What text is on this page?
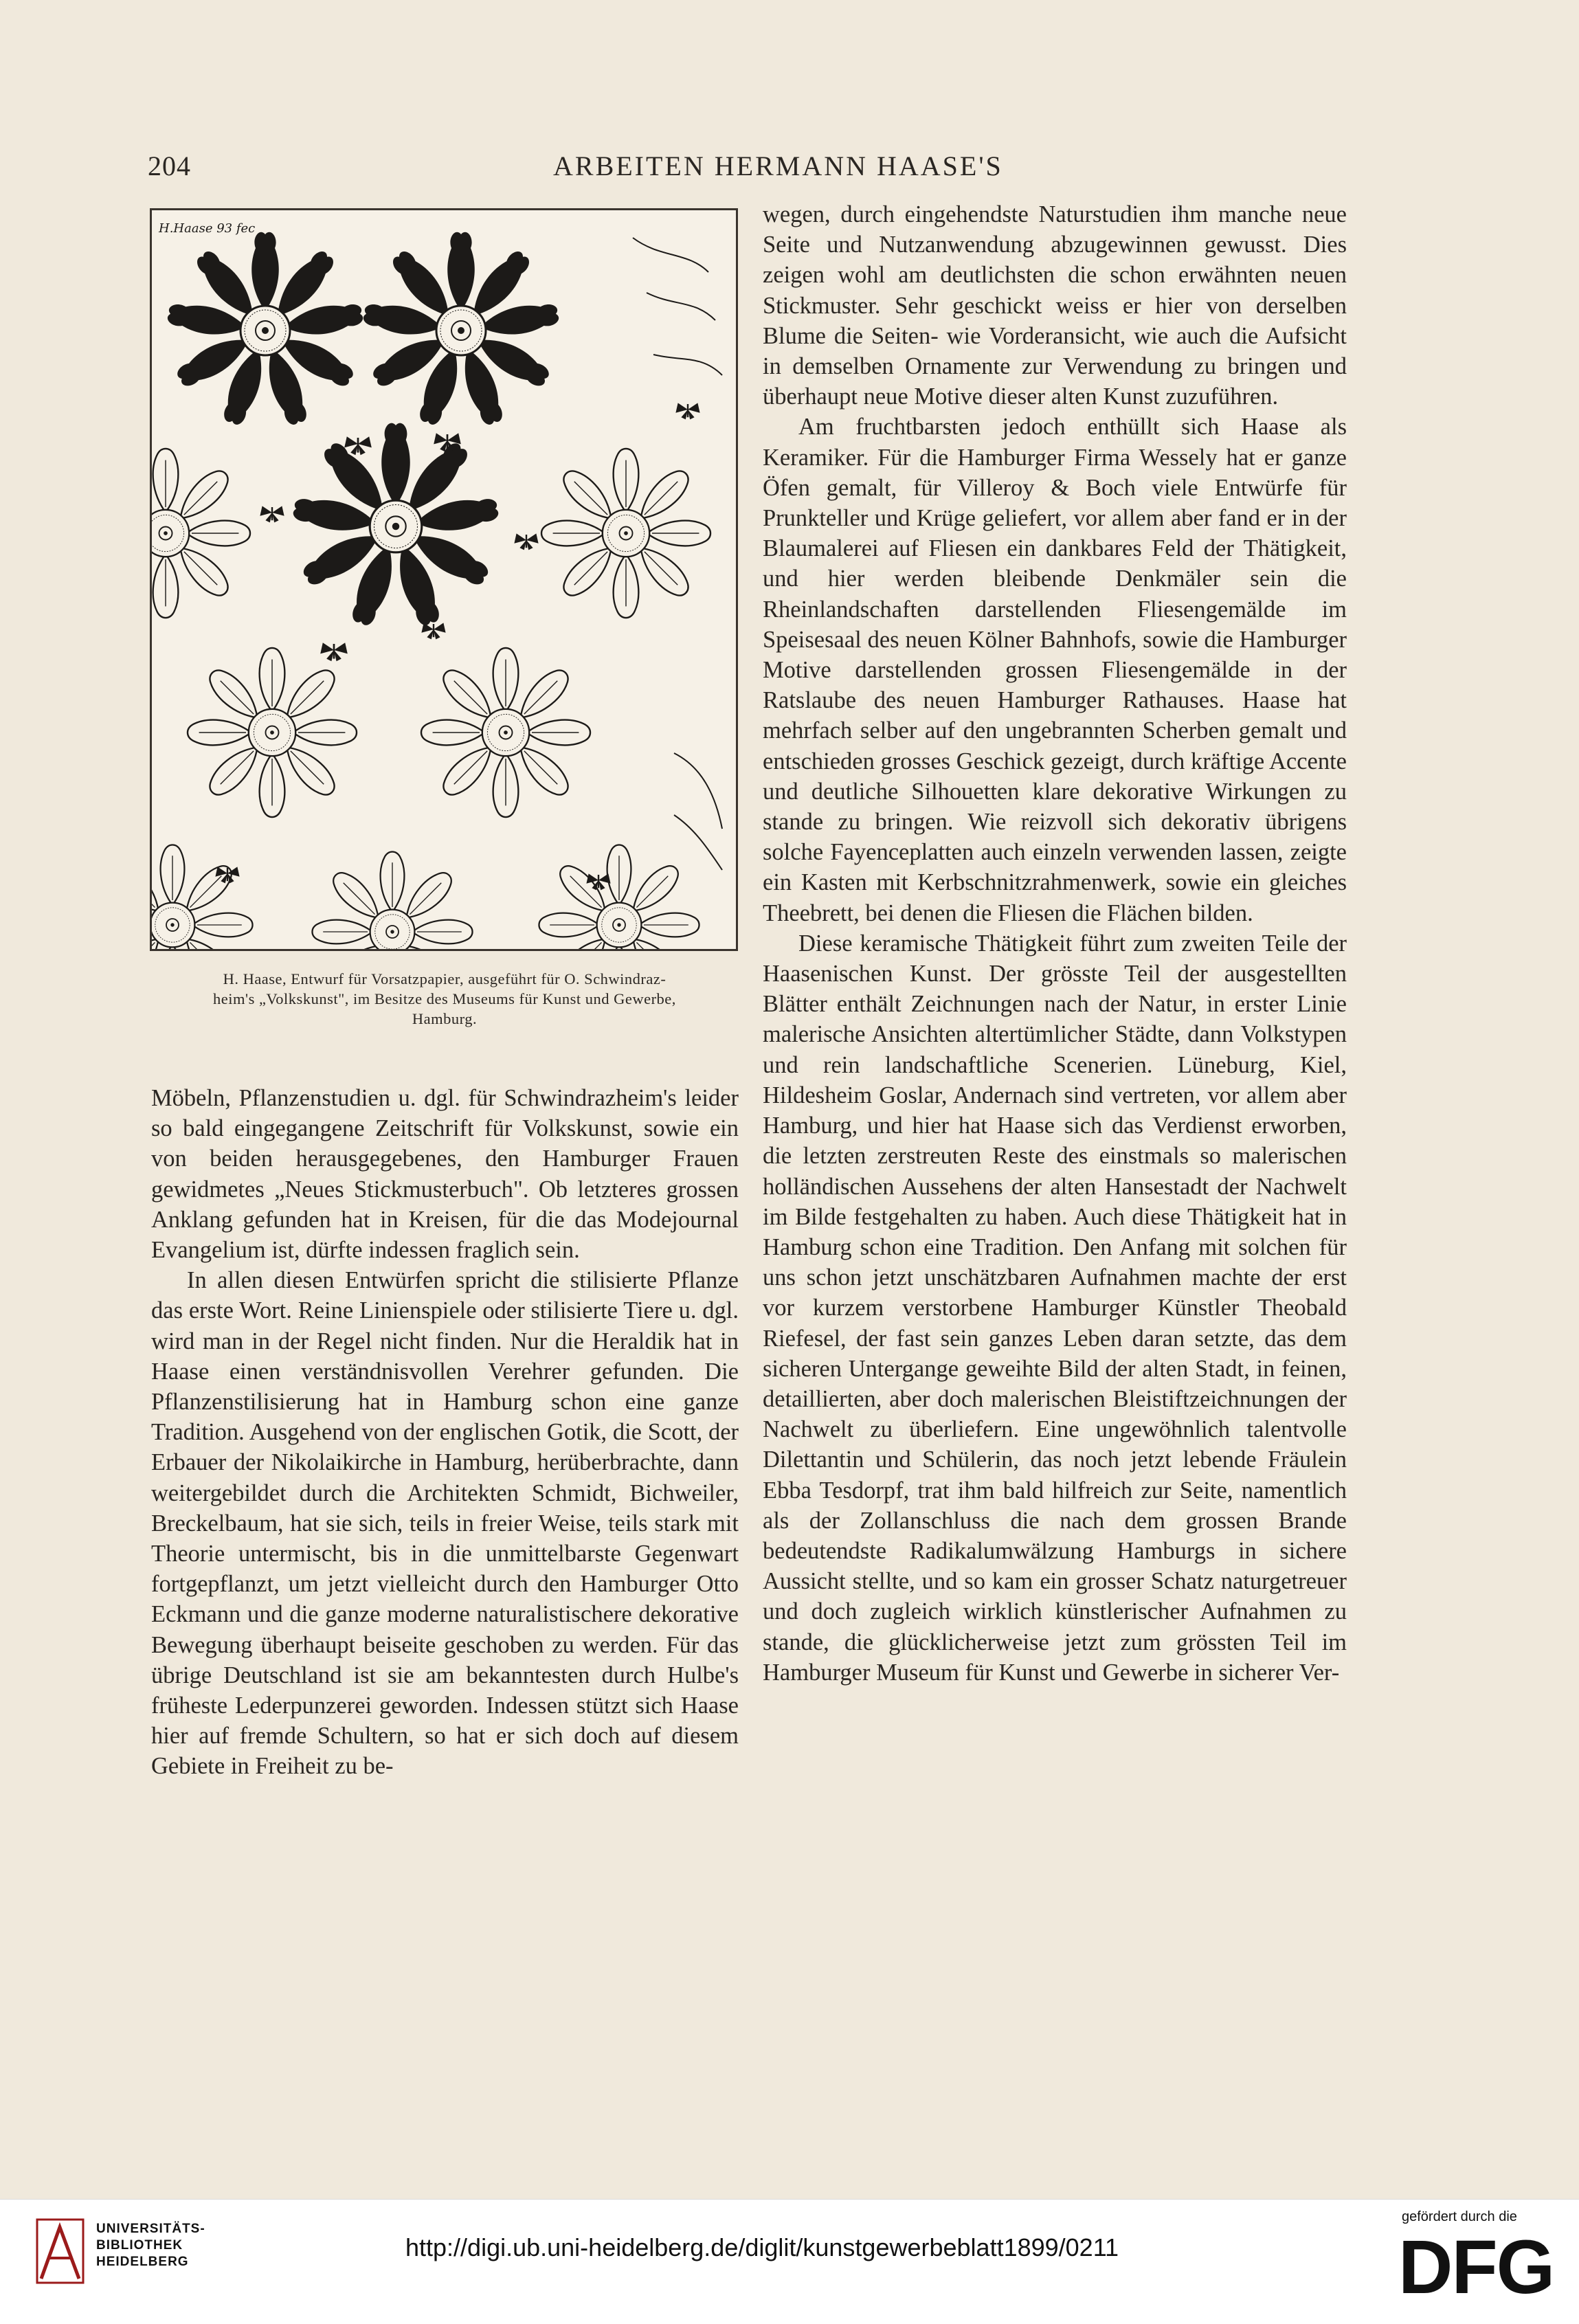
204	ARBEITEN HERMANN HAASE'S
H.Haase 93 fec
H. Haase, Entwurf für Vorsatzpapier, ausgeführt für O. Schwindraz-
heim's „Volkskunst", im Besitze des Museums für Kunst und Gewerbe,
Hamburg.

Möbeln, Pflanzenstudien u. dgl. für Schwindrazheim's leider so bald eingegangene Zeitschrift für Volkskunst, sowie ein von beiden herausgegebenes, den Hamburger Frauen gewidmetes „Neues Stickmusterbuch". Ob letzteres grossen Anklang gefunden hat in Kreisen, für die das Modejournal Evangelium ist, dürfte indessen fraglich sein.

In allen diesen Entwürfen spricht die stilisierte Pflanze das erste Wort. Reine Linienspiele oder stilisierte Tiere u. dgl. wird man in der Regel nicht finden. Nur die Heraldik hat in Haase einen verständnisvollen Verehrer gefunden. Die Pflanzenstilisierung hat in Hamburg schon eine ganze Tradition. Ausgehend von der englischen Gotik, die Scott, der Erbauer der Nikolaikirche in Hamburg, herüberbrachte, dann weitergebildet durch die Architekten Schmidt, Bichweiler, Breckelbaum, hat sie sich, teils in freier Weise, teils stark mit Theorie untermischt, bis in die unmittelbarste Gegenwart fortgepflanzt, um jetzt vielleicht durch den Hamburger Otto Eckmann und die ganze moderne naturalistischere dekorative Bewegung überhaupt beiseite geschoben zu werden. Für das übrige Deutschland ist sie am bekanntesten durch Hulbe's früheste Lederpunzerei geworden. Indessen stützt sich Haase hier auf fremde Schultern, so hat er sich doch auf diesem Gebiete in Freiheit zu be-

wegen, durch eingehendste Naturstudien ihm manche neue Seite und Nutzanwendung abzugewinnen gewusst. Dies zeigen wohl am deutlichsten die schon erwähnten neuen Stickmuster. Sehr geschickt weiss er hier von derselben Blume die Seiten- wie Vorderansicht, wie auch die Aufsicht in demselben Ornamente zur Verwendung zu bringen und überhaupt neue Motive dieser alten Kunst zuzuführen.

Am fruchtbarsten jedoch enthüllt sich Haase als Keramiker. Für die Hamburger Firma Wessely hat er ganze Öfen gemalt, für Villeroy & Boch viele Entwürfe für Prunkteller und Krüge geliefert, vor allem aber fand er in der Blaumalerei auf Fliesen ein dankbares Feld der Thätigkeit, und hier werden bleibende Denkmäler sein die Rheinlandschaften darstellenden Fliesengemälde im Speisesaal des neuen Kölner Bahnhofs, sowie die Hamburger Motive darstellenden grossen Fliesengemälde in der Ratslaube des neuen Hamburger Rathauses. Haase hat mehrfach selber auf den ungebrannten Scherben gemalt und entschieden grosses Geschick gezeigt, durch kräftige Accente und deutliche Silhouetten klare dekorative Wirkungen zu stande zu bringen. Wie reizvoll sich dekorativ übrigens solche Fayenceplatten auch einzeln verwenden lassen, zeigte ein Kasten mit Kerbschnitzrahmenwerk, sowie ein gleiches Theebrett, bei denen die Fliesen die Flächen bilden.

Diese keramische Thätigkeit führt zum zweiten Teile der Haasenischen Kunst. Der grösste Teil der ausgestellten Blätter enthält Zeichnungen nach der Natur, in erster Linie malerische Ansichten altertümlicher Städte, dann Volkstypen und rein landschaftliche Scenerien. Lüneburg, Kiel, Hildesheim Goslar, Andernach sind vertreten, vor allem aber Hamburg, und hier hat Haase sich das Verdienst erworben, die letzten zerstreuten Reste des einstmals so malerischen holländischen Aussehens der alten Hansestadt der Nachwelt im Bilde festgehalten zu haben. Auch diese Thätigkeit hat in Hamburg schon eine Tradition. Den Anfang mit solchen für uns schon jetzt unschätzbaren Aufnahmen machte der erst vor kurzem verstorbene Hamburger Künstler Theobald Riefesel, der fast sein ganzes Leben daran setzte, das dem sicheren Untergange geweihte Bild der alten Stadt, in feinen, detaillierten, aber doch malerischen Bleistiftzeichnungen der Nachwelt zu überliefern. Eine ungewöhnlich talentvolle Dilettantin und Schülerin, das noch jetzt lebende Fräulein Ebba Tesdorpf, trat ihm bald hilfreich zur Seite, namentlich als der Zollanschluss die nach dem grossen Brande bedeutendste Radikalumwälzung Hamburgs in sichere Aussicht stellte, und so kam ein grosser Schatz naturgetreuer und doch zugleich wirklich künstlerischer Aufnahmen zu stande, die glücklicherweise jetzt zum grössten Teil im Hamburger Museum für Kunst und Gewerbe in sicherer Ver-

UNIVERSITÄTS-
BIBLIOTHEK
HEIDELBERG
http://digi.ub.uni-heidelberg.de/diglit/kunstgewerbeblatt1899/0211
gefördert durch die
DFG
